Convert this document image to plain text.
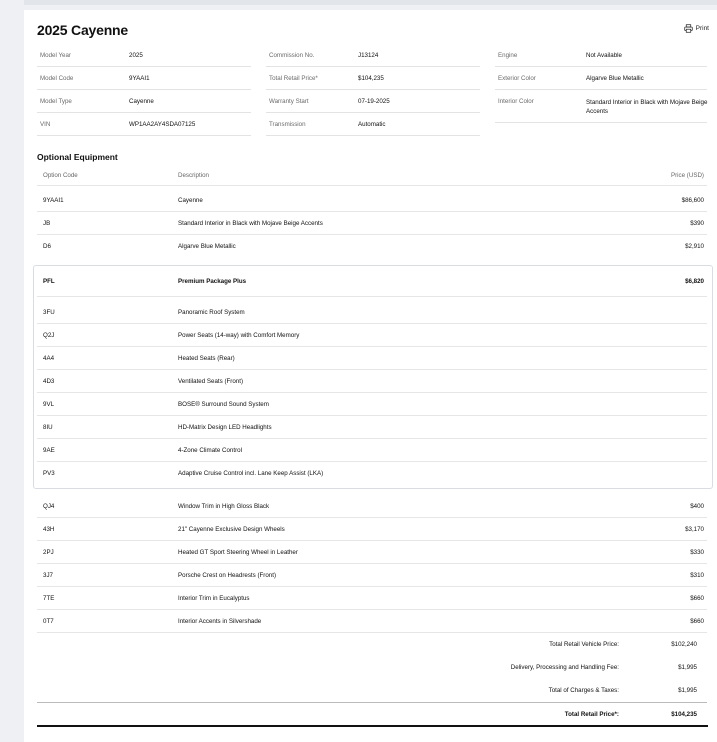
2025 Cayenne	Print
Model Year	2025
Model Code	9YAAI1
Model Type	Cayenne
VIN	WP1AA2AY4SDA07125
Commission No.	J13124
Total Retail Price*	$104,235
Warranty Start	07-19-2025
Transmission	Automatic
Engine	Not Available
Exterior Color	Algarve Blue Metallic
Interior Color	Standard Interior in Black with Mojave Beige Accents
Optional Equipment
Option Code	Description	Price (USD)
9YAAI1	Cayenne	$86,600
JB	Standard Interior in Black with Mojave Beige Accents	$390
D6	Algarve Blue Metallic	$2,910
PFL	Premium Package Plus	$6,820
3FU	Panoramic Roof System
Q2J	Power Seats (14-way) with Comfort Memory
4A4	Heated Seats (Rear)
4D3	Ventilated Seats (Front)
9VL	BOSE® Surround Sound System
8IU	HD-Matrix Design LED Headlights
9AE	4-Zone Climate Control
PV3	Adaptive Cruise Control incl. Lane Keep Assist (LKA)
QJ4	Window Trim in High Gloss Black	$400
43H	21" Cayenne Exclusive Design Wheels	$3,170
2PJ	Heated GT Sport Steering Wheel in Leather	$330
3J7	Porsche Crest on Headrests (Front)	$310
7TE	Interior Trim in Eucalyptus	$660
0T7	Interior Accents in Silvershade	$660
Total Retail Vehicle Price:	$102,240
Delivery, Processing and Handling Fee:	$1,995
Total of Charges & Taxes:	$1,995
Total Retail Price*:	$104,235
